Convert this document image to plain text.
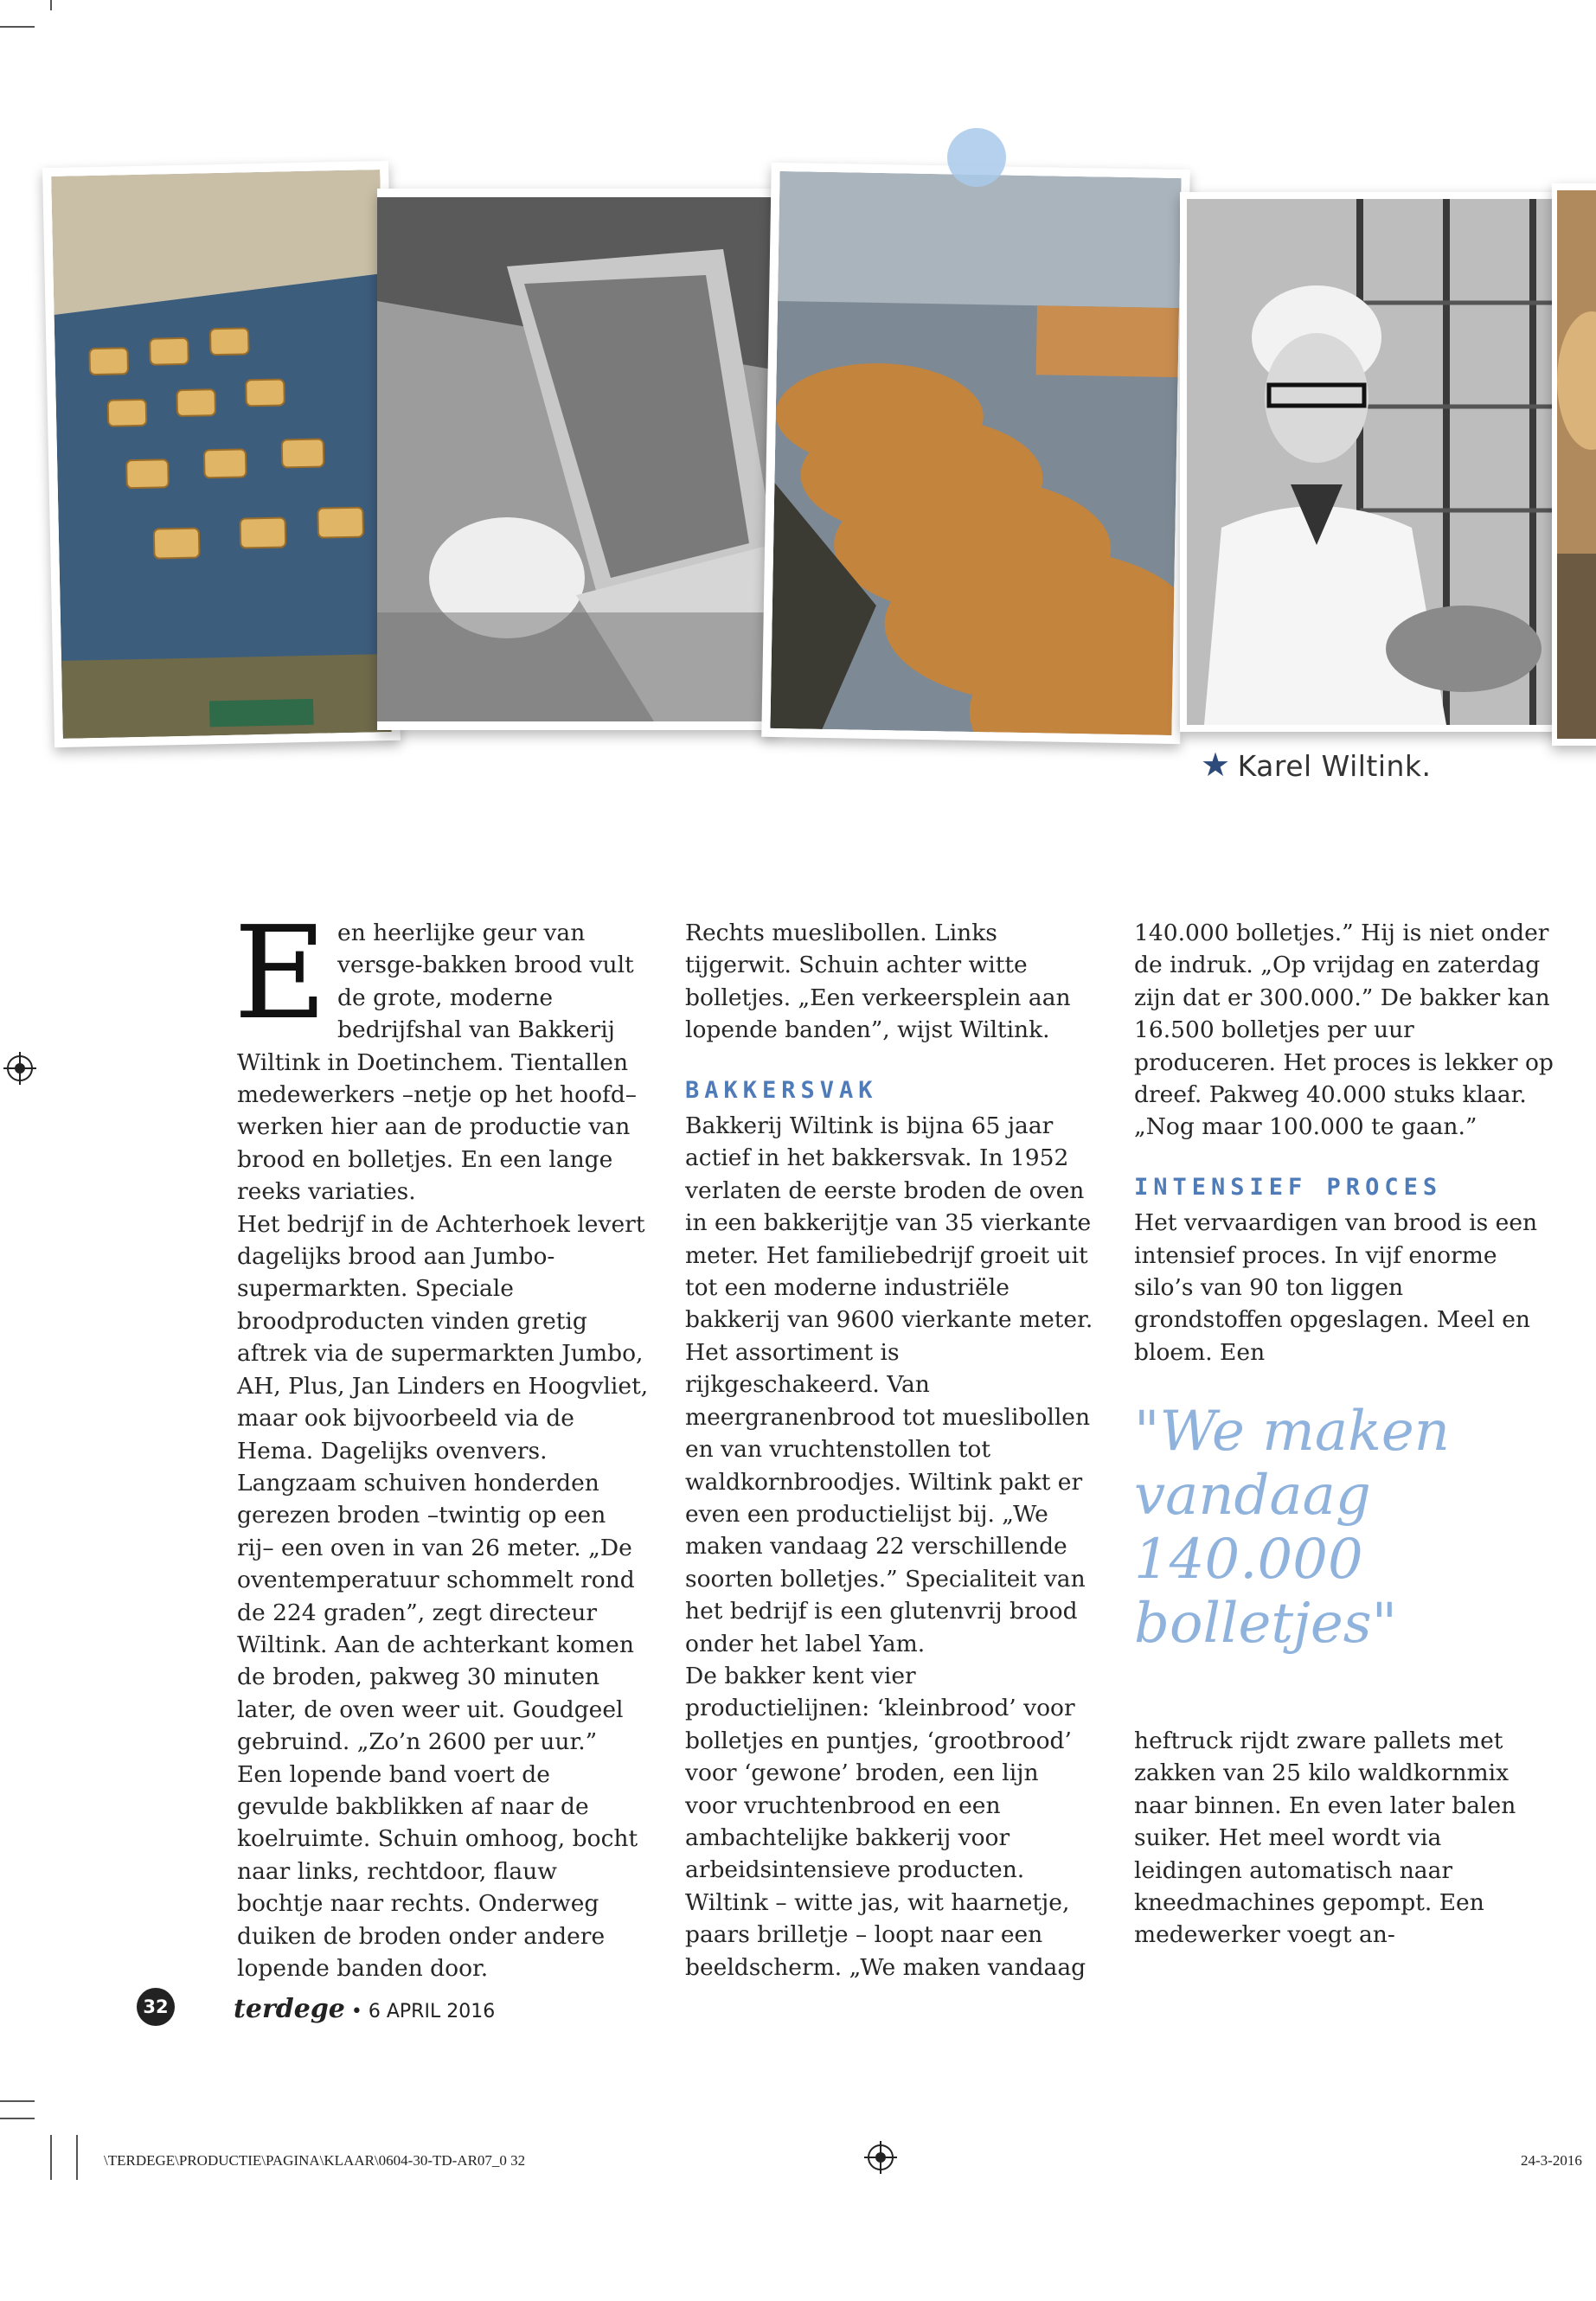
★ Karel Wiltink.
E en heerlijke geur van versge-bakken brood vult de grote, moderne bedrijfshal van Bakkerij Wiltink in Doetinchem. Tientallen medewerkers –netje op het hoofd– werken hier aan de productie van brood en bolletjes. En een lange reeks variaties.

Het bedrijf in de Achterhoek levert dagelijks brood aan Jumbo-supermarkten. Speciale broodproducten vinden gretig aftrek via de supermarkten Jumbo, AH, Plus, Jan Linders en Hoogvliet, maar ook bijvoorbeeld via de Hema. Dagelijks ovenvers.

Langzaam schuiven honderden gerezen broden –twintig op een rij– een oven in van 26 meter. „De oventemperatuur schommelt rond de 224 graden”, zegt directeur Wiltink. Aan de achterkant komen de broden, pakweg 30 minuten later, de oven weer uit. Goudgeel gebruind. „Zo’n 2600 per uur.”

Een lopende band voert de gevulde bakblikken af naar de koelruimte. Schuin omhoog, bocht naar links, rechtdoor, flauw bochtje naar rechts. Onderweg duiken de broden onder andere lopende banden door.

Rechts mueslibollen. Links tijgerwit. Schuin achter witte bolletjes. „Een verkeersplein aan lopende banden”, wijst Wiltink.

BAKKERSVAK

Bakkerij Wiltink is bijna 65 jaar actief in het bakkersvak. In 1952 verlaten de eerste broden de oven in een bakkerijtje van 35 vierkante meter. Het familiebedrijf groeit uit tot een moderne industriële bakkerij van 9600 vierkante meter.

Het assortiment is rijkgeschakeerd. Van meergranenbrood tot mueslibollen en van vruchtenstollen tot waldkornbroodjes. Wiltink pakt er even een productielijst bij. „We maken vandaag 22 verschillende soorten bolletjes.” Specialiteit van het bedrijf is een glutenvrij brood onder het label Yam.

De bakker kent vier productielijnen: ‘kleinbrood’ voor bolletjes en puntjes, ‘grootbrood’ voor ‘gewone’ broden, een lijn voor vruchtenbrood en een ambachtelijke bakkerij voor arbeidsintensieve producten.

Wiltink – witte jas, wit haarnetje, paars brilletje – loopt naar een beeldscherm. „We maken vandaag

140.000 bolletjes.” Hij is niet onder de indruk. „Op vrijdag en zaterdag zijn dat er 300.000.” De bakker kan 16.500 bolletjes per uur produceren. Het proces is lekker op dreef. Pakweg 40.000 stuks klaar. „Nog maar 100.000 te gaan.”

INTENSIEF PROCES

Het vervaardigen van brood is een intensief proces. In vijf enorme silo’s van 90 ton liggen grondstoffen opgeslagen. Meel en bloem. Een

"We maken vandaag 140.000 bolletjes"

heftruck rijdt zware pallets met zakken van 25 kilo waldkornmix naar binnen. En even later balen suiker. Het meel wordt via leidingen automatisch naar kneedmachines gepompt. Een medewerker voegt an-

32	terdege • 6 APRIL 2016
\TERDEGE\PRODUCTIE\PAGINA\KLAAR\0604-30-TD-AR07_0 32	24-3-2016
